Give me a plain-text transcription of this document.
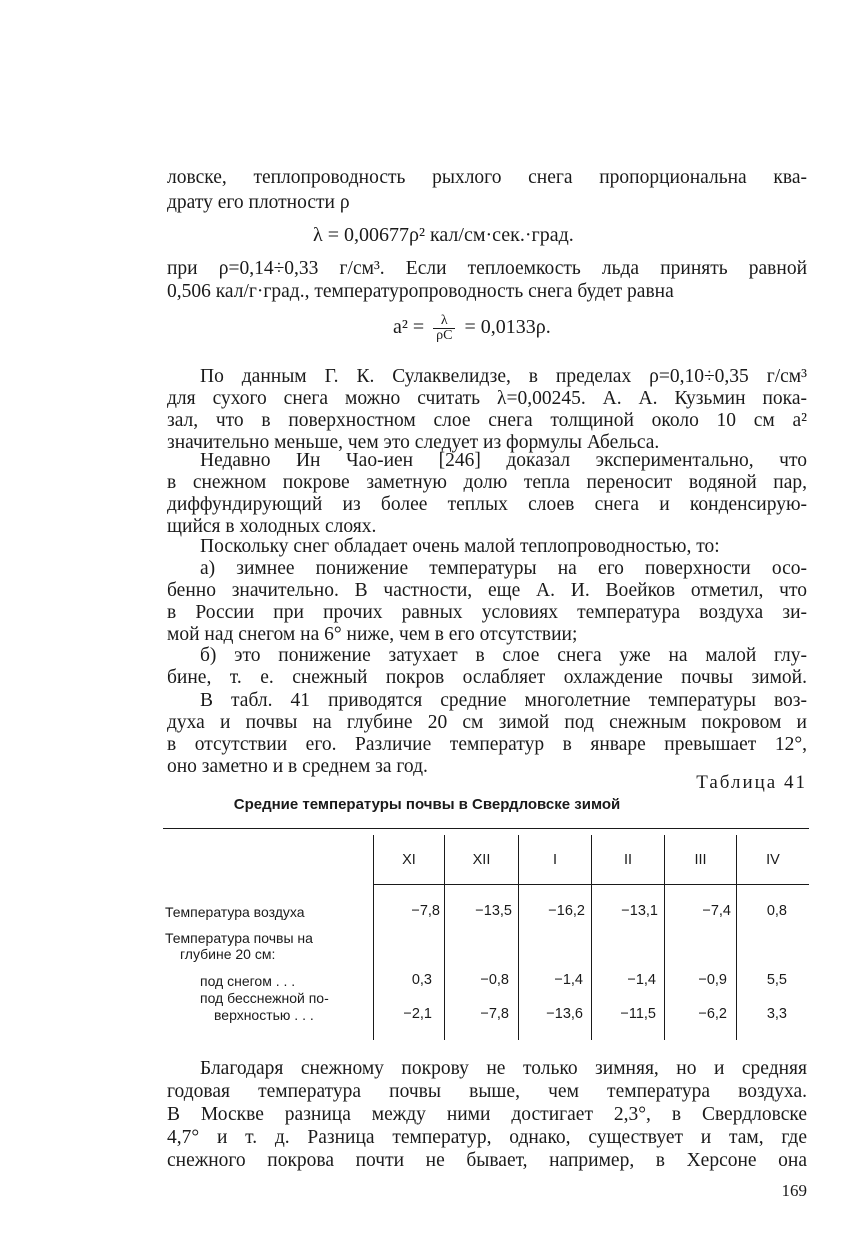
ловске, теплопроводность рыхлого снега пропорциональна ква-
драту его плотности ρ
λ = 0,00677ρ² кал/см·сек.·град.
при ρ=0,14÷0,33 г/см³. Если теплоемкость льда принять равной
0,506 кал/г·град., температуропроводность снега будет равна
$a^2 = \frac{\lambda}{\rho C} = 0,0133\rho$.
По данным Г. К. Сулаквелидзе, в пределах ρ=0,10÷0,35 г/см³
для сухого снега можно считать λ=0,00245. А. А. Кузьмин пока-
зал, что в поверхностном слое снега толщиной около 10 см a²
значительно меньше, чем это следует из формулы Абельса.
Недавно Ин Чао-иен [246] доказал экспериментально, что
в снежном покрове заметную долю тепла переносит водяной пар,
диффундирующий из более теплых слоев снега и конденсирую-
щийся в холодных слоях.
Поскольку снег обладает очень малой теплопроводностью, то:
а) зимнее понижение температуры на его поверхности осо-
бенно значительно. В частности, еще А. И. Воейков отметил, что
в России при прочих равных условиях температура воздуха зи-
мой над снегом на 6° ниже, чем в его отсутствии;
б) это понижение затухает в слое снега уже на малой глу-
бине, т. е. снежный покров ослабляет охлаждение почвы зимой.
В табл. 41 приводятся средние многолетние температуры воз-
духа и почвы на глубине 20 см зимой под снежным покровом и
в отсутствии его. Различие температур в январе превышает 12°,
оно заметно и в среднем за год.
Таблица 41
Средние температуры почвы в Свердловске зимой
XI	XII	I	II	III	IV
Температура воздуха	−7,8	−13,5	−16,2	−13,1	−7,4	0,8
Температура почвы на
глубине 20 см:
под снегом . . .	0,3	−0,8	−1,4	−1,4	−0,9	5,5
под бесснежной по-
верхностью . . .	−2,1	−7,8	−13,6	−11,5	−6,2	3,3
Благодаря снежному покрову не только зимняя, но и средняя
годовая температура почвы выше, чем температура воздуха.
В Москве разница между ними достигает 2,3°, в Свердловске
4,7° и т. д. Разница температур, однако, существует и там, где
снежного покрова почти не бывает, например, в Херсоне она
169
